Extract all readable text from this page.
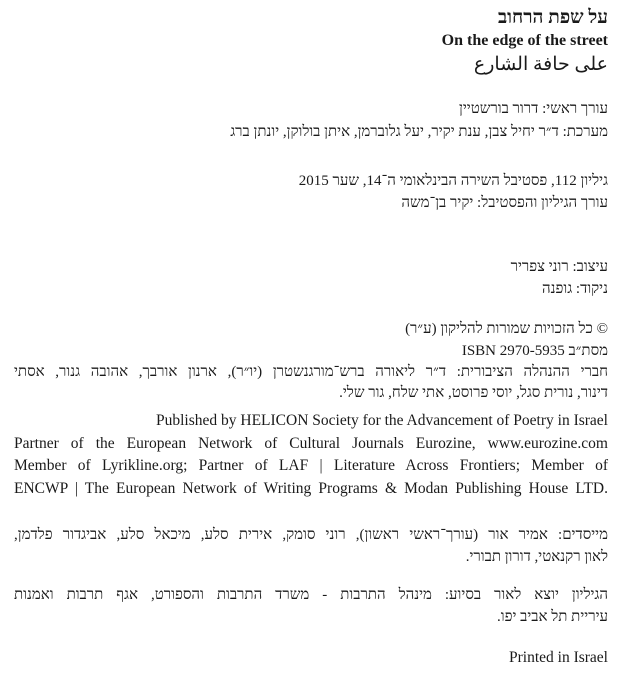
על שפת הרחוב
On the edge of the street
على حافة الشارع
עורך ראשי: דרור בורשטיין
מערכת: ד״ר יחיל צבן, ענת יקיר, יעל גלוברמן, איתן בולוקן, יונתן ברג
גיליון 112, פסטיבל השירה הבינלאומי ה־14, שער 2015
עורך הגיליון והפסטיבל: יקיר בן־משה
עיצוב: רוני צפריר
ניקוד: גופנה
© כל הזכויות שמורות להליקון (ע״ר)
מסת״ב ISBN 2970-5935
חברי ההנהלה הציבורית: ד״ר ליאורה ברש־מורגנשטרן (יו״ר), ארנון אורבך, אהובה גנור, אסתי
דינור, נורית סגל, יוסי פרוסט, אתי שלח, גור שלי.
Published by HELICON Society for the Advancement of Poetry in Israel
Partner of the European Network of Cultural Journals Eurozine, www.eurozine.com
Member of Lyrikline.org; Partner of LAF | Literature Across Frontiers; Member of
ENCWP | The European Network of Writing Programs & Modan Publishing House LTD.
מייסדים: אמיר אור (עורך־ראשי ראשון), רוני סומק, אירית סלע, מיכאל סלע, אביגדור פלדמן,
לאון רקנאטי, דורון תבורי.
הגיליון יוצא לאור בסיוע: מינהל התרבות - משרד התרבות והספורט, אגף תרבות ואמנות
עיריית תל אביב יפו.
Printed in Israel
